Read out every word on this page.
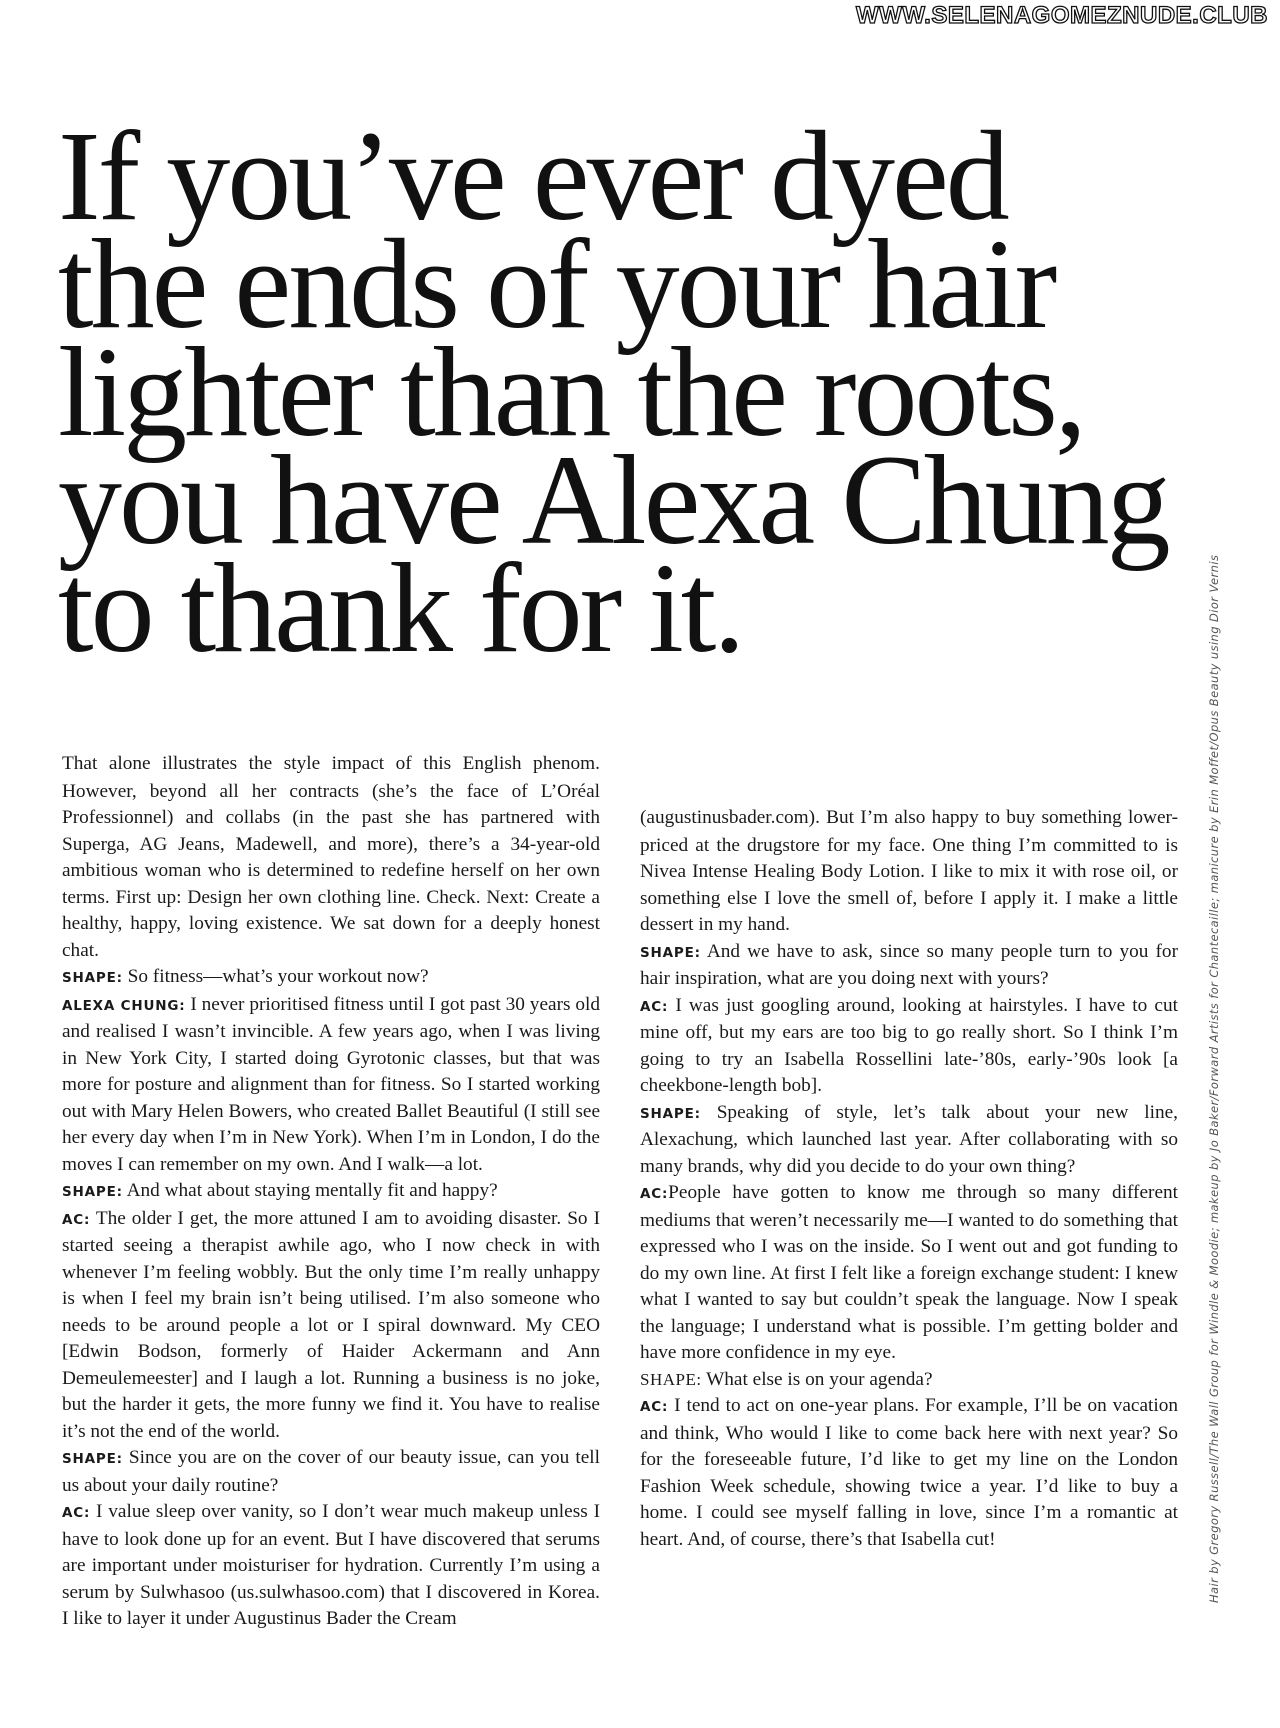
WWW.SELENAGOMEZNUDE.CLUB
If you’ve ever dyed
the ends of your hair
lighter than the roots,
you have Alexa Chung
to thank for it.	Hair by Gregory Russell/The Wall Group for Windle & Moodie; makeup by Jo Baker/Forward Artists for Chantecaille; manicure by Erin Moffet/Opus Beauty using Dior Vernis

That alone illustrates the style impact of this English phenom. However, beyond all her contracts (she’s the face of L’Oréal Professionnel) and collabs (in the past she has partnered with Superga, AG Jeans, Madewell, and more), there’s a 34-year-old ambitious woman who is determined to redefine herself on her own terms. First up: Design her own clothing line. Check. Next: Create a healthy, happy, loving existence. We sat down for a deeply honest chat.

SHAPE: So fitness—what’s your workout now?

ALEXA CHUNG: I never prioritised fitness until I got past 30 years old and realised I wasn’t invincible. A few years ago, when I was living in New York City, I started doing Gyrotonic classes, but that was more for posture and alignment than for fitness. So I started working out with Mary Helen Bowers, who created Ballet Beautiful (I still see her every day when I’m in New York). When I’m in London, I do the moves I can remember on my own. And I walk—a lot.

SHAPE: And what about staying mentally fit and happy?

AC: The older I get, the more attuned I am to avoiding disaster. So I started seeing a therapist awhile ago, who I now check in with whenever I’m feeling wobbly. But the only time I’m really unhappy is when I feel my brain isn’t being utilised. I’m also someone who needs to be around people a lot or I spiral downward. My CEO [Edwin Bodson, formerly of Haider Ackermann and Ann Demeulemeester] and I laugh a lot. Running a business is no joke, but the harder it gets, the more funny we find it. You have to realise it’s not the end of the world.

SHAPE: Since you are on the cover of our beauty issue, can you tell us about your daily routine?

AC: I value sleep over vanity, so I don’t wear much makeup unless I have to look done up for an event. But I have discovered that serums are important under moisturiser for hydration. Currently I’m using a serum by Sulwhasoo (us.sulwhasoo.com) that I discovered in Korea. I like to layer it under Augustinus Bader the Cream

(augustinusbader.com). But I’m also happy to buy something lower-priced at the drugstore for my face. One thing I’m committed to is Nivea Intense Healing Body Lotion. I like to mix it with rose oil, or something else I love the smell of, before I apply it. I make a little dessert in my hand.

SHAPE: And we have to ask, since so many people turn to you for hair inspiration, what are you doing next with yours?

AC: I was just googling around, looking at hairstyles. I have to cut mine off, but my ears are too big to go really short. So I think I’m going to try an Isabella Rossellini late-’80s, early-’90s look [a cheekbone-length bob].

SHAPE: Speaking of style, let’s talk about your new line, Alexachung, which launched last year. After collaborating with so many brands, why did you decide to do your own thing?

AC:People have gotten to know me through so many different mediums that weren’t necessarily me—I wanted to do something that expressed who I was on the inside. So I went out and got funding to do my own line. At first I felt like a foreign exchange student: I knew what I wanted to say but couldn’t speak the language. Now I speak the language; I understand what is possible. I’m getting bolder and have more confidence in my eye.

SHAPE: What else is on your agenda?

AC: I tend to act on one-year plans. For example, I’ll be on vacation and think, Who would I like to come back here with next year? So for the foreseeable future, I’d like to get my line on the London Fashion Week schedule, showing twice a year. I’d like to buy a home. I could see myself falling in love, since I’m a romantic at heart. And, of course, there’s that Isabella cut!
